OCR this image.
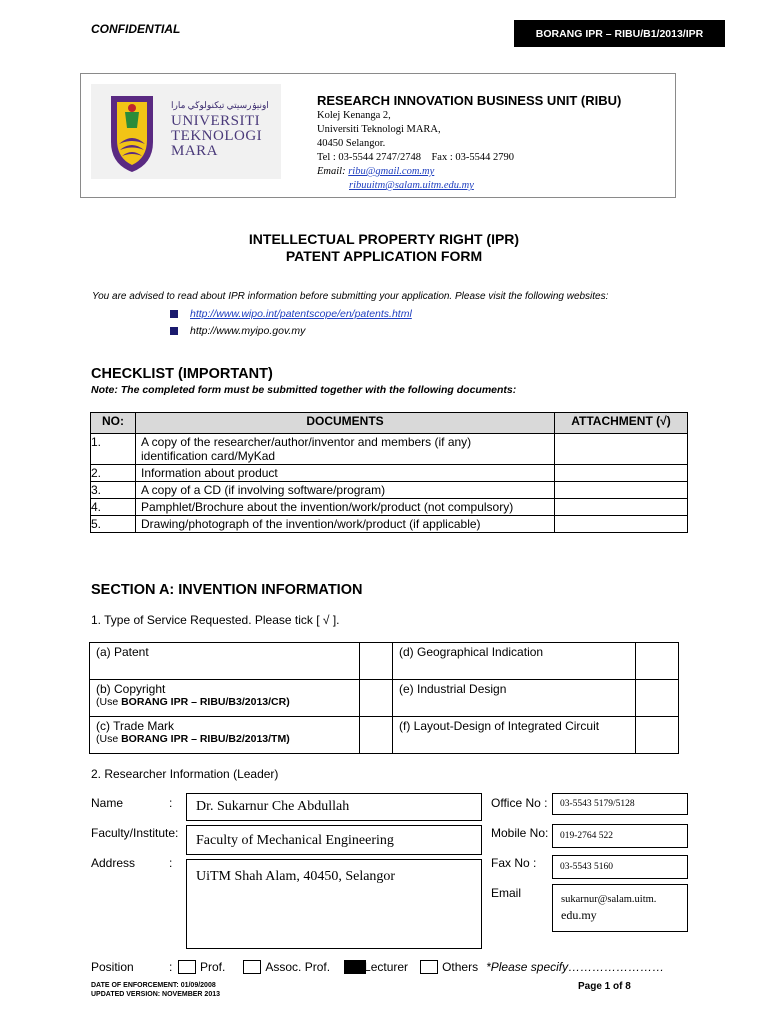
CONFIDENTIAL	BORANG IPR – RIBU/B1/2013/IPR
اونيۏرسيتي تيكنولوڬي مارا
UNIVERSITI
TEKNOLOGI
MARA
RESEARCH INNOVATION BUSINESS UNIT (RIBU)
Kolej Kenanga 2,
Universiti Teknologi MARA,
40450 Selangor.
Tel : 03-5544 2747/2748 Fax : 03-5544 2790
Email: ribu@gmail.com.my
ribuuitm@salam.uitm.edu.my
INTELLECTUAL PROPERTY RIGHT (IPR)
PATENT APPLICATION FORM
You are advised to read about IPR information before submitting your application. Please visit the following websites:
http://www.wipo.int/patentscope/en/patents.html
http://www.myipo.gov.my
CHECKLIST (IMPORTANT)
Note: The completed form must be submitted together with the following documents:
NO:	DOCUMENTS	ATTACHMENT (√)
1.	A copy of the researcher/author/inventor and members (if any)
identification card/MyKad	
2.	Information about product	
3.	A copy of a CD (if involving software/program)	
4.	Pamphlet/Brochure about the invention/work/product (not compulsory)	
5.	Drawing/photograph of the invention/work/product (if applicable)	
SECTION A: INVENTION INFORMATION
1. Type of Service Requested. Please tick [ √ ].
(a) Patent		(d) Geographical Indication	

(b) Copyright
(Use BORANG IPR – RIBU/B3/2013/CR)		(e) Industrial Design	

(c) Trade Mark
(Use BORANG IPR – RIBU/B2/2013/TM)		(f) Layout-Design of Integrated Circuit	
2. Researcher Information (Leader)
Name	: Dr. Sukarnur Che Abdullah
Faculty/Institute: Faculty of Mechanical Engineering
Address	:
UiTM Shah Alam, 40450, Selangor
Office No : 03-5543 5179/5128
Mobile No: 019-2764 522
Fax No : 03-5543 5160
Email	sukarnur@salam.uitm.
edu.my
Position	: Prof.	Assoc. Prof.	Lecturer	Others *Please specify……………………
DATE OF ENFORCEMENT: 01/09/2008
UPDATED VERSION: NOVEMBER 2013
Page 1 of 8
